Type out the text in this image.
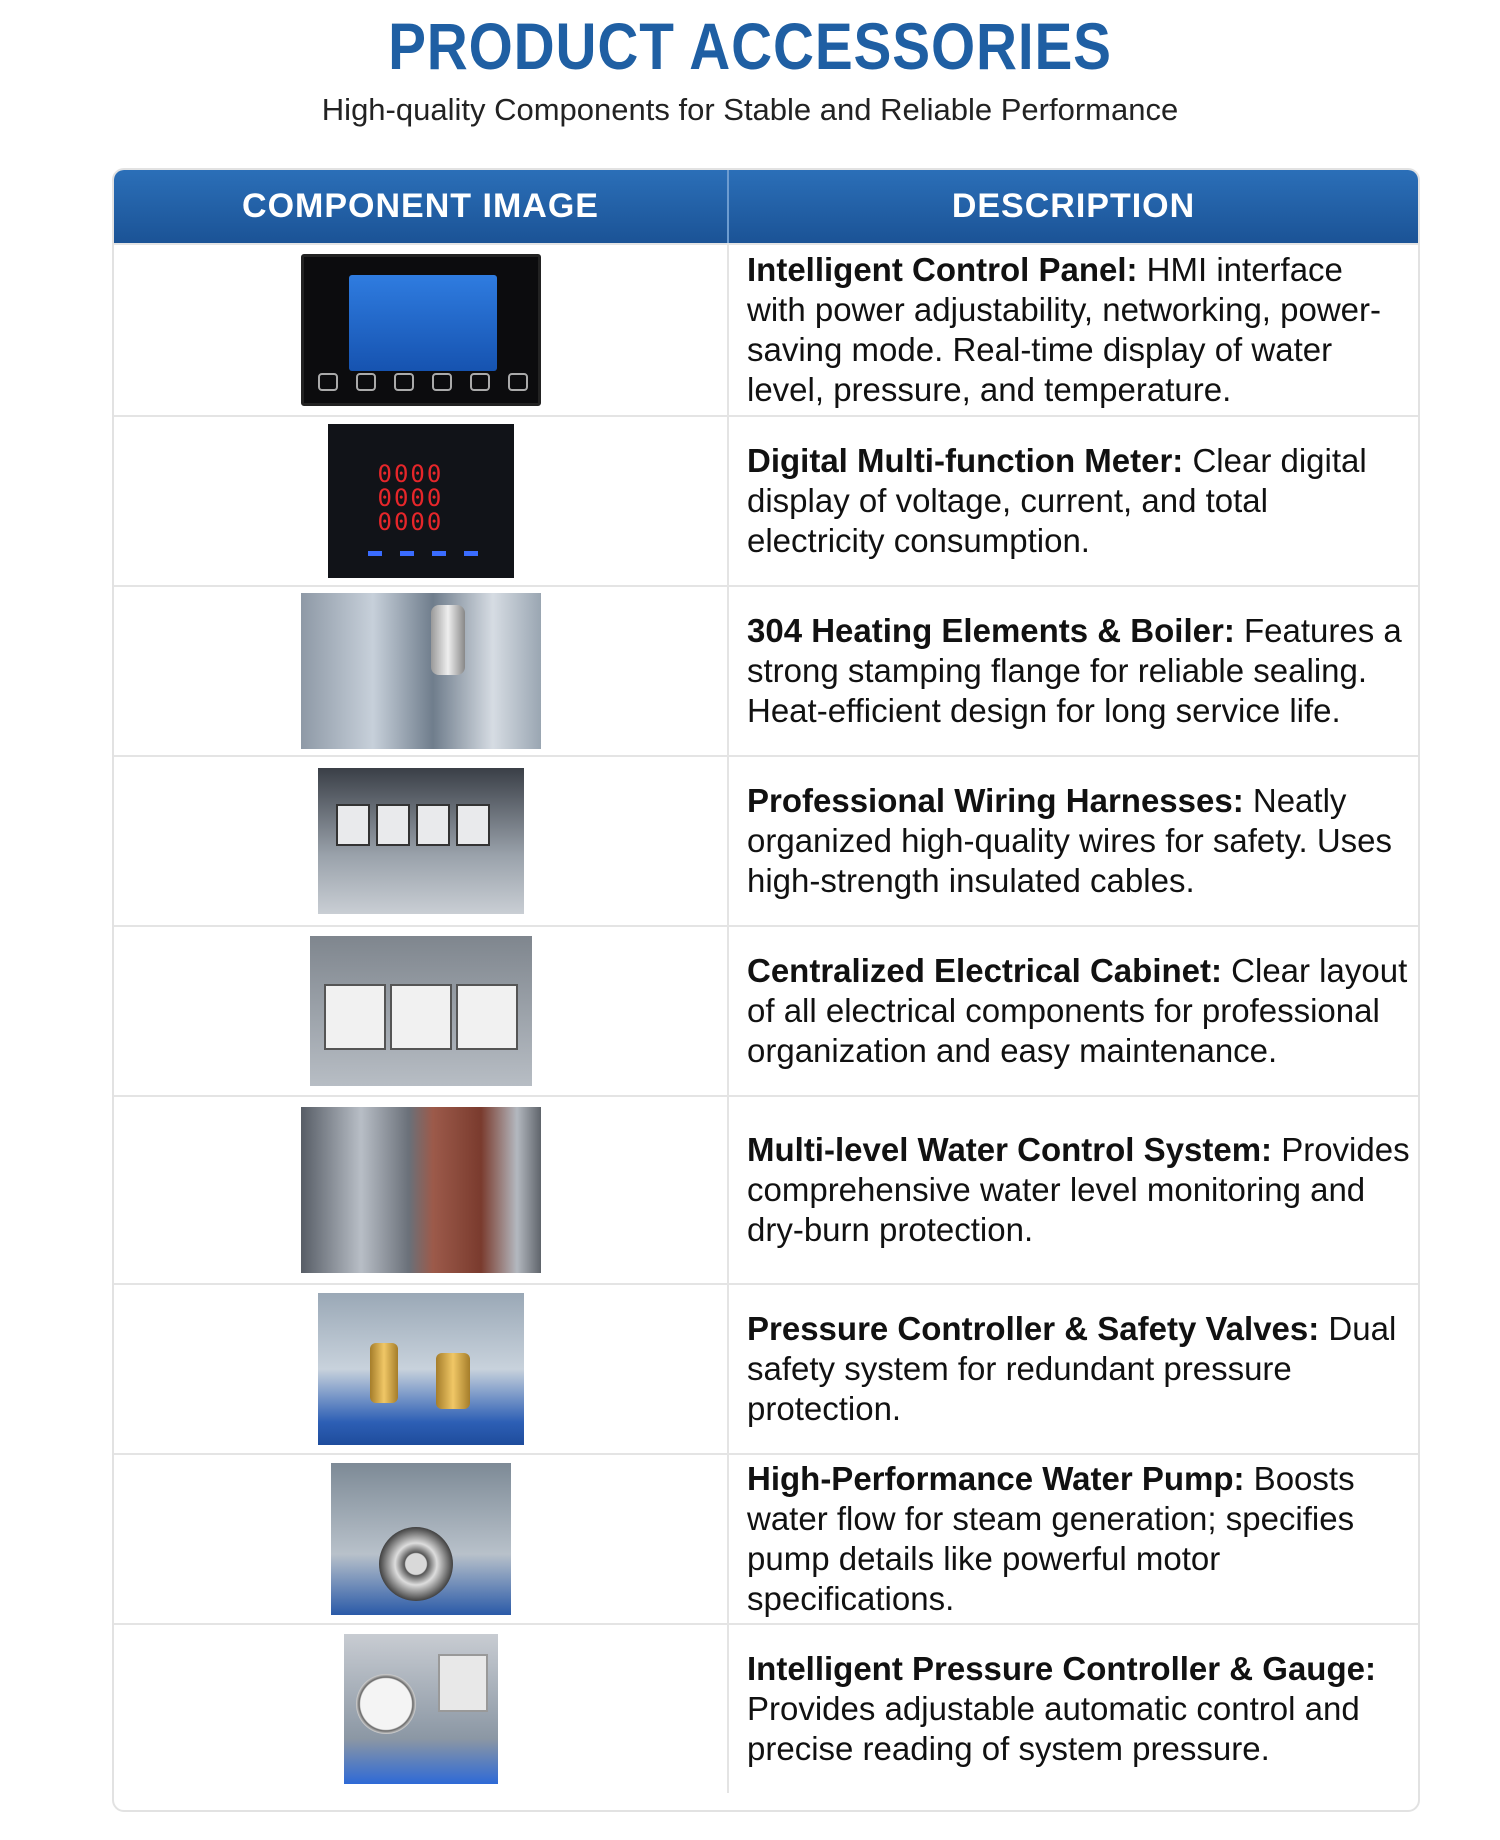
PRODUCT ACCESSORIES
High-quality Components for Stable and Reliable Performance
COMPONENT IMAGE	DESCRIPTION
Intelligent Control Panel: HMI interface with power adjustability, networking, power-saving mode. Real-time display of water level, pressure, and temperature.
0000
0000
0000
Digital Multi-function Meter: Clear digital display of voltage, current, and total electricity consumption.
304 Heating Elements & Boiler: Features a strong stamping flange for reliable sealing. Heat-efficient design for long service life.
Professional Wiring Harnesses: Neatly organized high-quality wires for safety. Uses high-strength insulated cables.
Centralized Electrical Cabinet: Clear layout of all electrical components for professional organization and easy maintenance.
Multi-level Water Control System: Provides comprehensive water level monitoring and dry-burn protection.
Pressure Controller & Safety Valves: Dual safety system for redundant pressure protection.
High-Performance Water Pump: Boosts water flow for steam generation; specifies pump details like powerful motor specifications.
Intelligent Pressure Controller & Gauge: Provides adjustable automatic control and precise reading of system pressure.
